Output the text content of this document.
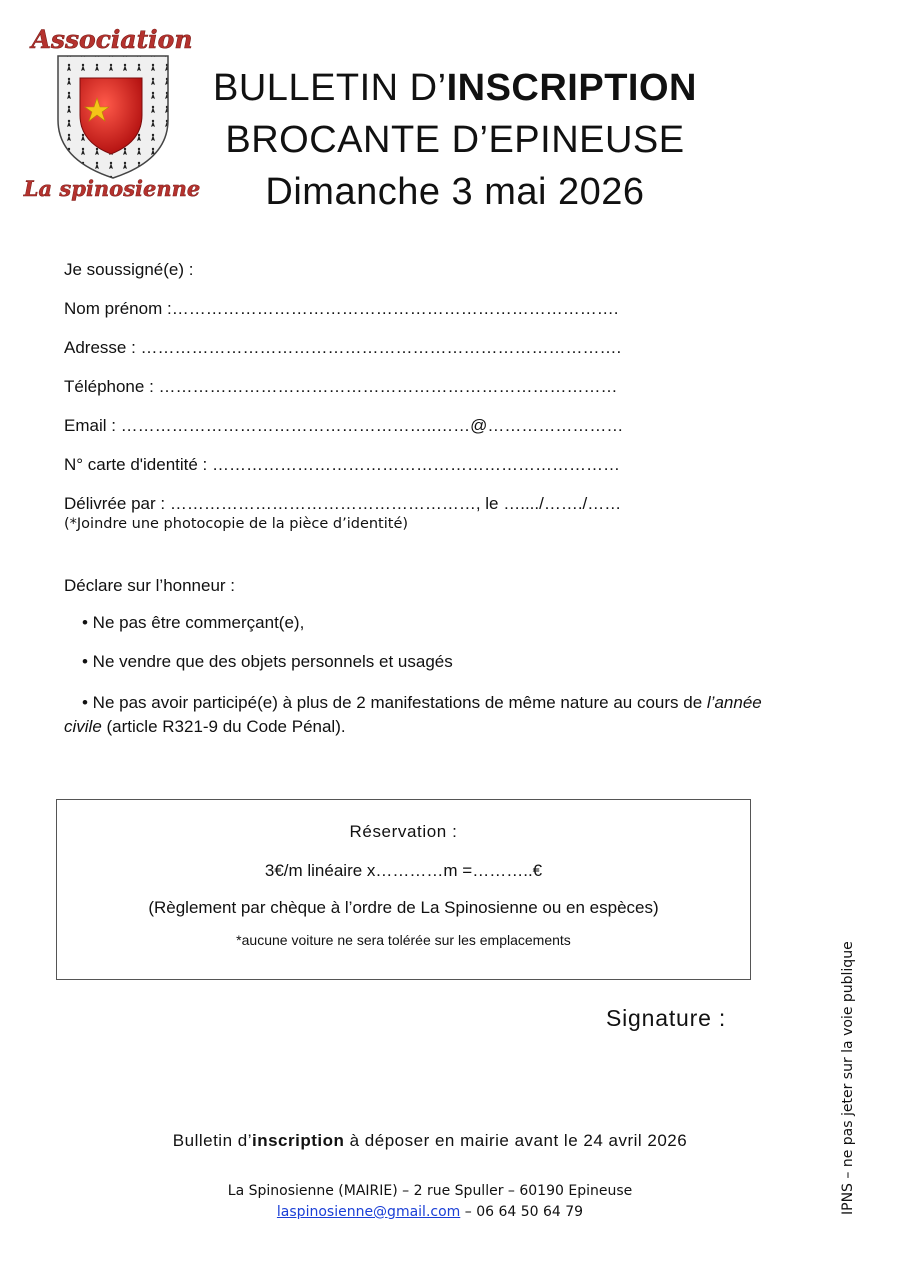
Association
La spinosienne
BULLETIN D’INSCRIPTION
BROCANTE D’EPINEUSE
Dimanche 3 mai 2026
Je soussigné(e) :
Nom prénom :…………………………………………………………………….
Adresse : ………………………………………………………………………….
Téléphone : ………………………………………………………………………
Email : ………………………………………………..……@……………………
N° carte d'identité : ………………………………………………………………
Délivrée par : ………………………………………………, le …..../……./……
(*Joindre une photocopie de la pièce d’identité)
Déclare sur l’honneur :
• Ne pas être commerçant(e),
• Ne vendre que des objets personnels et usagés
• Ne pas avoir participé(e) à plus de 2 manifestations de même nature au cours de l’année civile (article R321-9 du Code Pénal).
Réservation :
3€/m linéaire x…………m =………..€
(Règlement par chèque à l’ordre de La Spinosienne ou en espèces)
*aucune voiture ne sera tolérée sur les emplacements
Signature :
Bulletin d’inscription à déposer en mairie avant le 24 avril 2026
La Spinosienne (MAIRIE) – 2 rue Spuller – 60190 Epineuse
laspinosienne@gmail.com – 06 64 50 64 79	IPNS – ne pas jeter sur la voie publique
